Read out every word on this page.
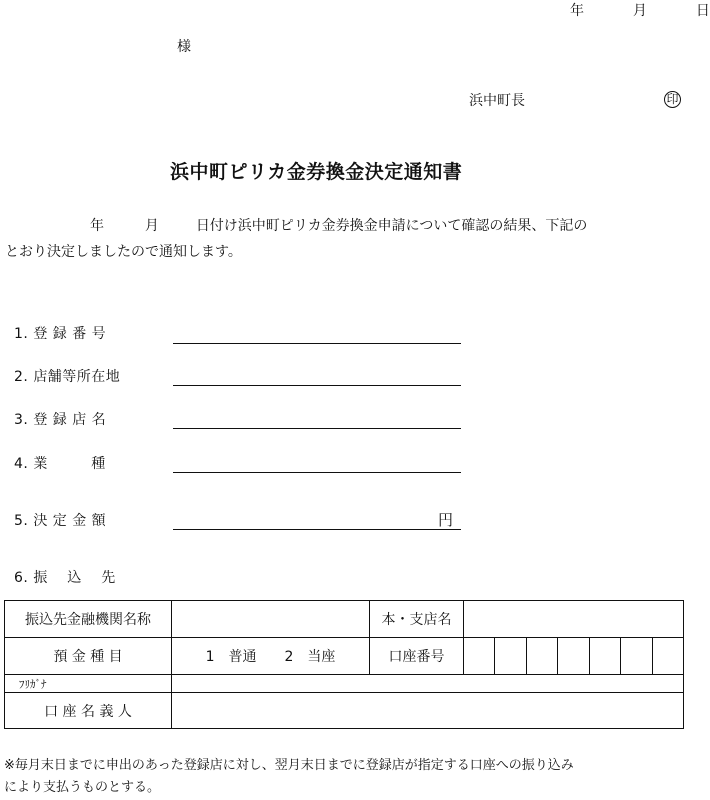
年	月	日
様
浜中町長	印
浜中町ピリカ金券換金決定通知書
年	月	日付け浜中町ピリカ金券換金申請について確認の結果、下記の
とおり決定しましたので通知します。
1. 登 録 番 号
2. 店舗等所在地
3. 登 録 店 名
4. 業　　　種
5. 決 定 金 額	円
6. 振 　込 　先
振込先金融機関名称		本・支店名	
預 金 種 目	1　普通　　2　当座	口座番号	

ﾌﾘｶﾞﾅ			
口 座 名 義 人			
※毎月末日までに申出のあった登録店に対し、翌月末日までに登録店が指定する口座への振り込み
により支払うものとする。
